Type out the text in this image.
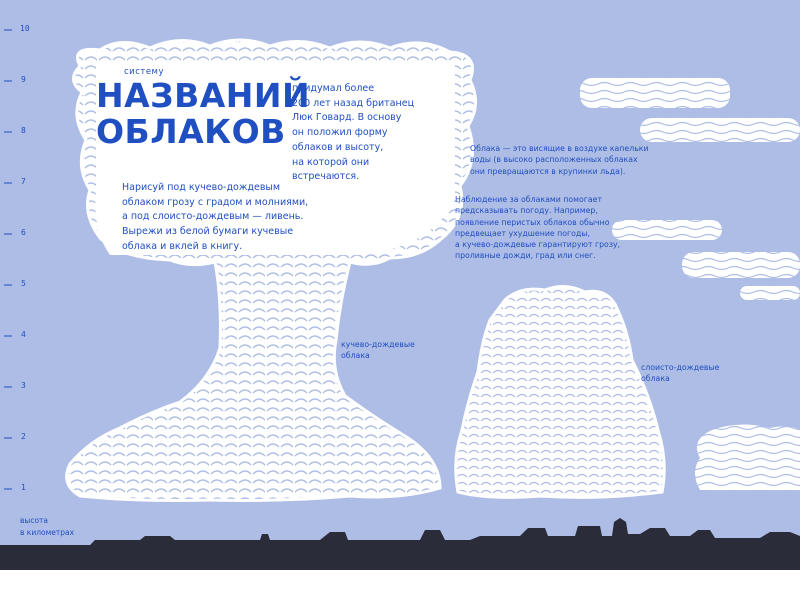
10
9
8
7
6
5
4
3
2
1
систему
НАЗВАНИЙ
ОБЛАКОВ
придумал более
200 лет назад британец
Люк Говард. В основу
он положил форму
облаков и высоту,
на которой они
встречаются.
Нарисуй под кучево-дождевым
облаком грозу с градом и молниями,
а под слоисто-дождевым — ливень.
Вырежи из белой бумаги кучевые
облака и вклей в книгу.
кучево-дождевые
облака
слоисто-дождевые
облака
Облака — это висящие в воздухе капельки
воды (в высоко расположенных облаках
они превращаются в крупинки льда).
Наблюдение за облаками помогает
предсказывать погоду. Например,
появление перистых облаков обычно
предвещает ухудшение погоды,
а кучево-дождевые гарантируют грозу,
проливные дожди, град или снег.
высота
в километрах
